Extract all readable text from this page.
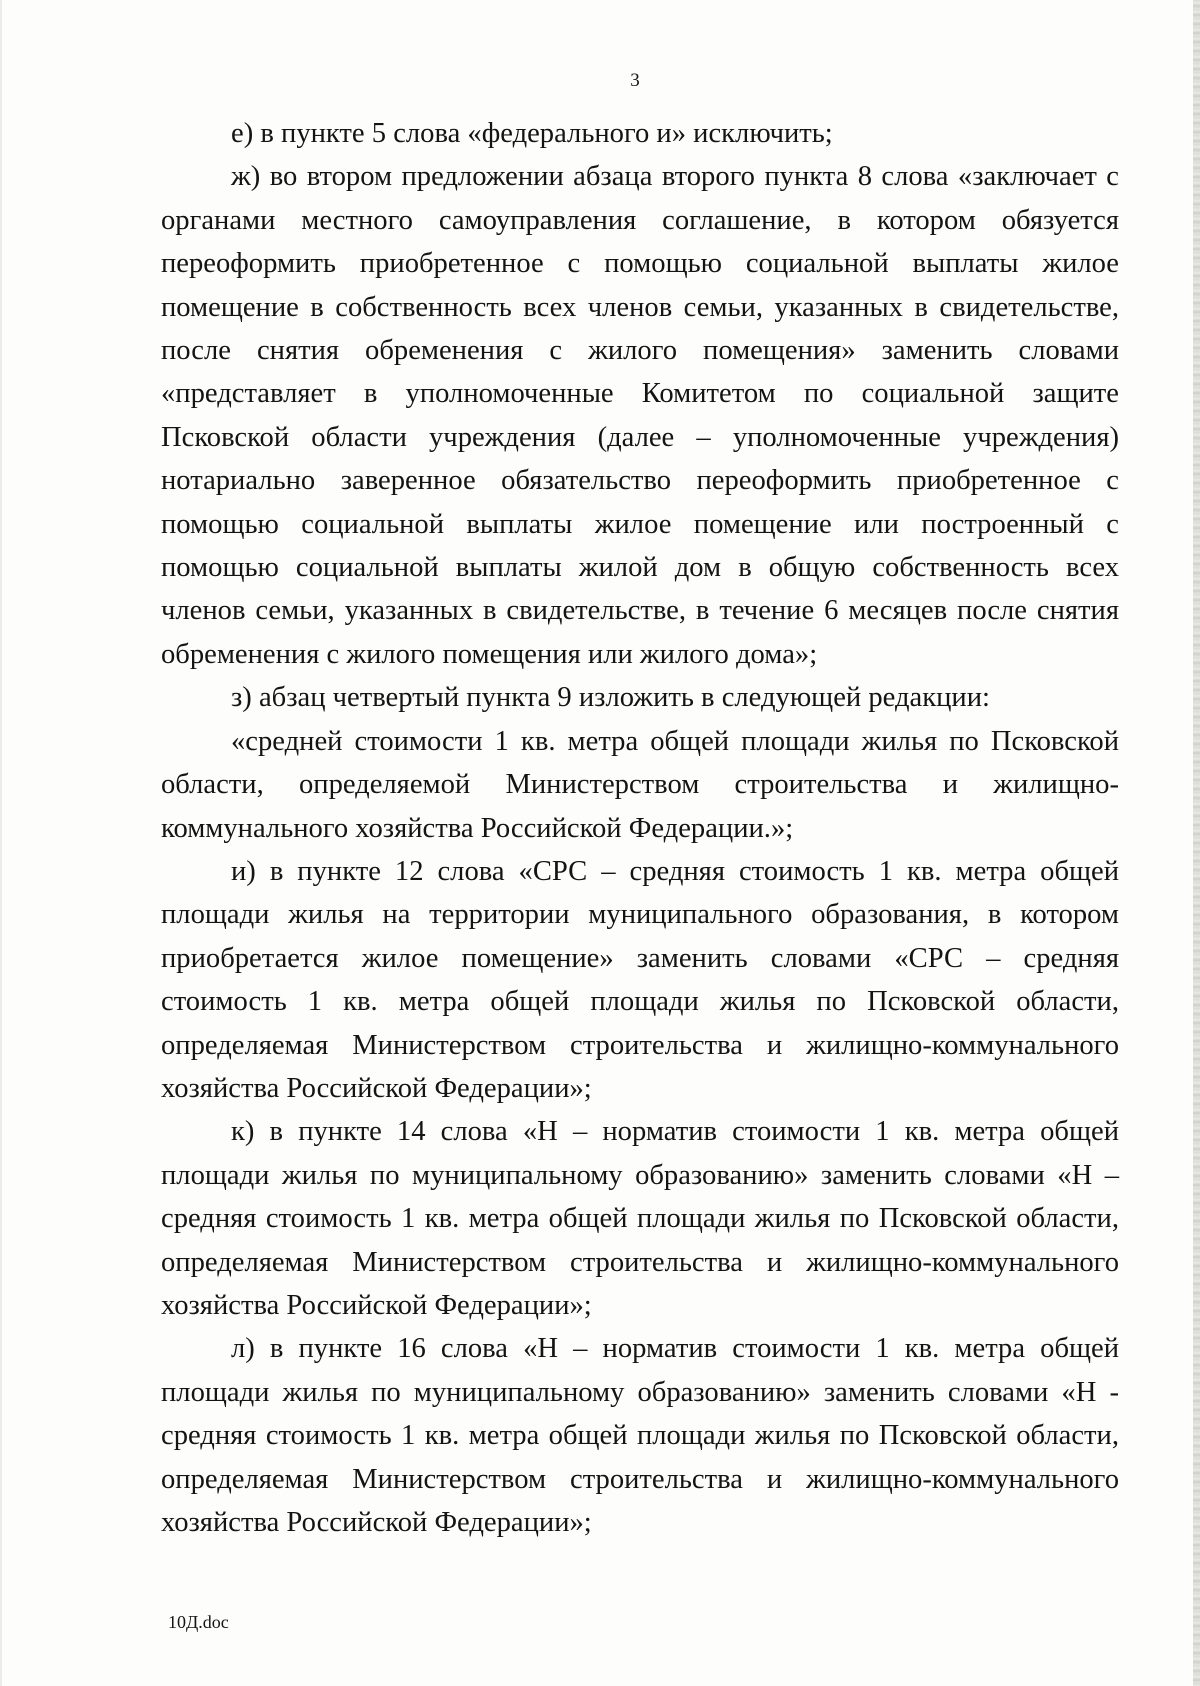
3

е) в пункте 5 слова «федерального и» исключить;

ж) во втором предложении абзаца второго пункта 8 слова «заключает с органами местного самоуправления соглашение, в котором обязуется переоформить приобретенное с помощью социальной выплаты жилое помещение в собственность всех членов семьи, указанных в свидетельстве, после снятия обременения с жилого помещения» заменить словами «представляет в уполномоченные Комитетом по социальной защите Псковской области учреждения (далее – уполномоченные учреждения) нотариально заверенное обязательство переоформить приобретенное с помощью социальной выплаты жилое помещение или построенный с помощью социальной выплаты жилой дом в общую собственность всех членов семьи, указанных в свидетельстве, в течение 6 месяцев после снятия обременения с жилого помещения или жилого дома»;

з) абзац четвертый пункта 9 изложить в следующей редакции:

«средней стоимости 1 кв. метра общей площади жилья по Псковской области, определяемой Министерством строительства и жилищно-коммунального хозяйства Российской Федерации.»;

и) в пункте 12 слова «СРС – средняя стоимость 1 кв. метра общей площади жилья на территории муниципального образования, в котором приобретается жилое помещение» заменить словами «СРС – средняя стоимость 1 кв. метра общей площади жилья по Псковской области, определяемая Министерством строительства и жилищно-коммунального хозяйства Российской Федерации»;

к) в пункте 14 слова «Н – норматив стоимости 1 кв. метра общей площади жилья по муниципальному образованию» заменить словами «Н – средняя стоимость 1 кв. метра общей площади жилья по Псковской области, определяемая Министерством строительства и жилищно-коммунального хозяйства Российской Федерации»;

л) в пункте 16 слова «Н – норматив стоимости 1 кв. метра общей площади жилья по муниципальному образованию» заменить словами «Н - средняя стоимость 1 кв. метра общей площади жилья по Псковской области, определяемая Министерством строительства и жилищно-коммунального хозяйства Российской Федерации»;

10Д.doc
